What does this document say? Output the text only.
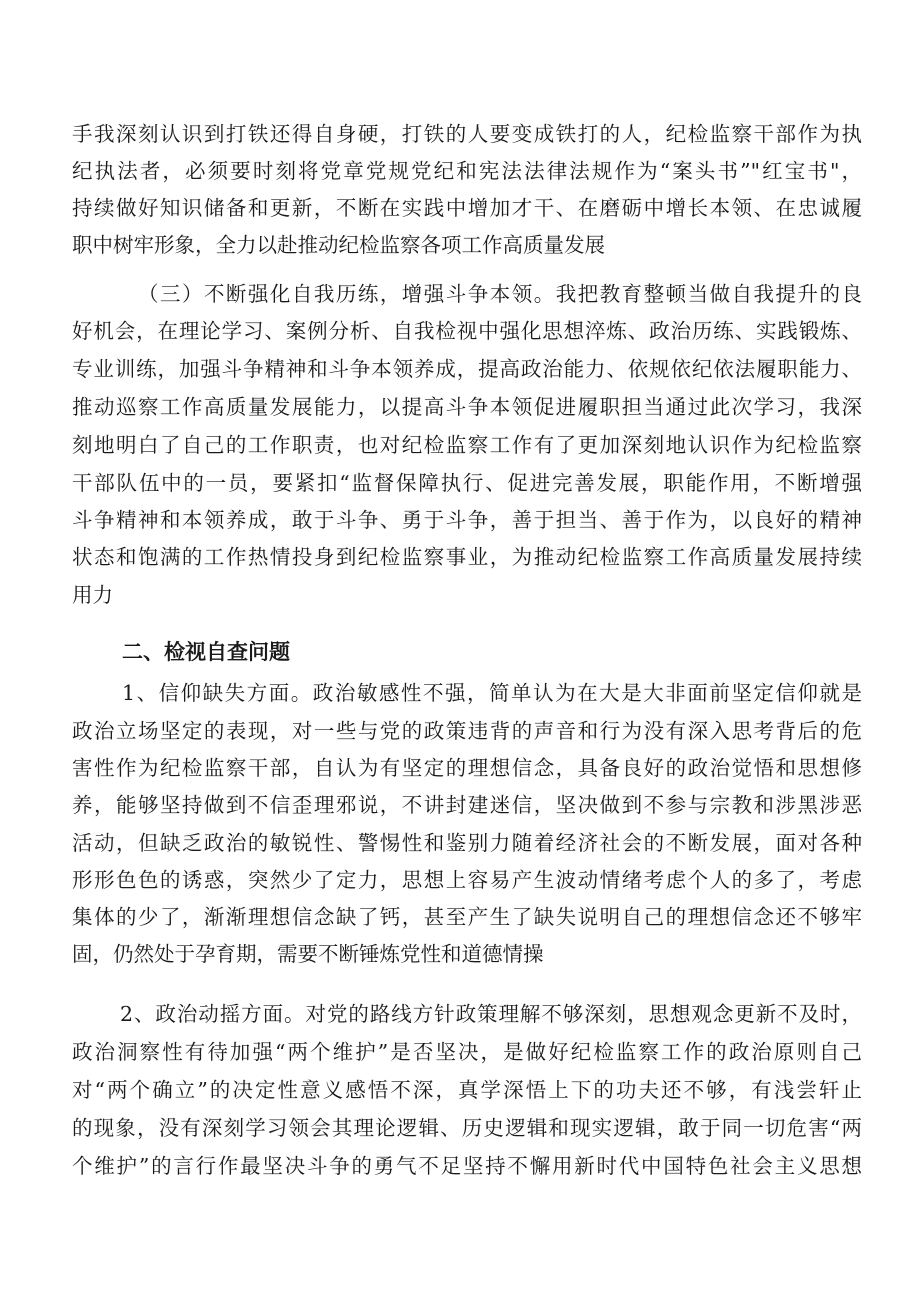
手我深刻认识到打铁还得自身硬，打铁的人要变成铁打的人，纪检监察干部作为执
纪执法者，必须要时刻将党章党规党纪和宪法法律法规作为“案头书”"红宝书"，
持续做好知识储备和更新，不断在实践中增加才干、在磨砺中增长本领、在忠诚履
职中树牢形象，全力以赴推动纪检监察各项工作高质量发展
（三）不断强化自我历练，增强斗争本领。我把教育整顿当做自我提升的良
好机会，在理论学习、案例分析、自我检视中强化思想淬炼、政治历练、实践锻炼、
专业训练，加强斗争精神和斗争本领养成，提高政治能力、依规依纪依法履职能力、
推动巡察工作高质量发展能力，以提高斗争本领促进履职担当通过此次学习，我深
刻地明白了自己的工作职责，也对纪检监察工作有了更加深刻地认识作为纪检监察
干部队伍中的一员，要紧扣“监督保障执行、促进完善发展，职能作用，不断增强
斗争精神和本领养成，敢于斗争、勇于斗争，善于担当、善于作为，以良好的精神
状态和饱满的工作热情投身到纪检监察事业，为推动纪检监察工作高质量发展持续
用力
二、检视自查问题
1、信仰缺失方面。政治敏感性不强，简单认为在大是大非面前坚定信仰就是
政治立场坚定的表现，对一些与党的政策违背的声音和行为没有深入思考背后的危
害性作为纪检监察干部，自认为有坚定的理想信念，具备良好的政治觉悟和思想修
养，能够坚持做到不信歪理邪说，不讲封建迷信，坚决做到不参与宗教和涉黑涉恶
活动，但缺乏政治的敏锐性、警惕性和鉴别力随着经济社会的不断发展，面对各种
形形色色的诱惑，突然少了定力，思想上容易产生波动情绪考虑个人的多了，考虑
集体的少了，渐渐理想信念缺了钙，甚至产生了缺失说明自己的理想信念还不够牢
固，仍然处于孕育期，需要不断锤炼党性和道德情操
2、政治动摇方面。对党的路线方针政策理解不够深刻，思想观念更新不及时，
政治洞察性有待加强“两个维护”是否坚决，是做好纪检监察工作的政治原则自己
对“两个确立”的决定性意义感悟不深，真学深悟上下的功夫还不够，有浅尝轩止
的现象，没有深刻学习领会其理论逻辑、历史逻辑和现实逻辑，敢于同一切危害“两
个维护”的言行作最坚决斗争的勇气不足坚持不懈用新时代中国特色社会主义思想
